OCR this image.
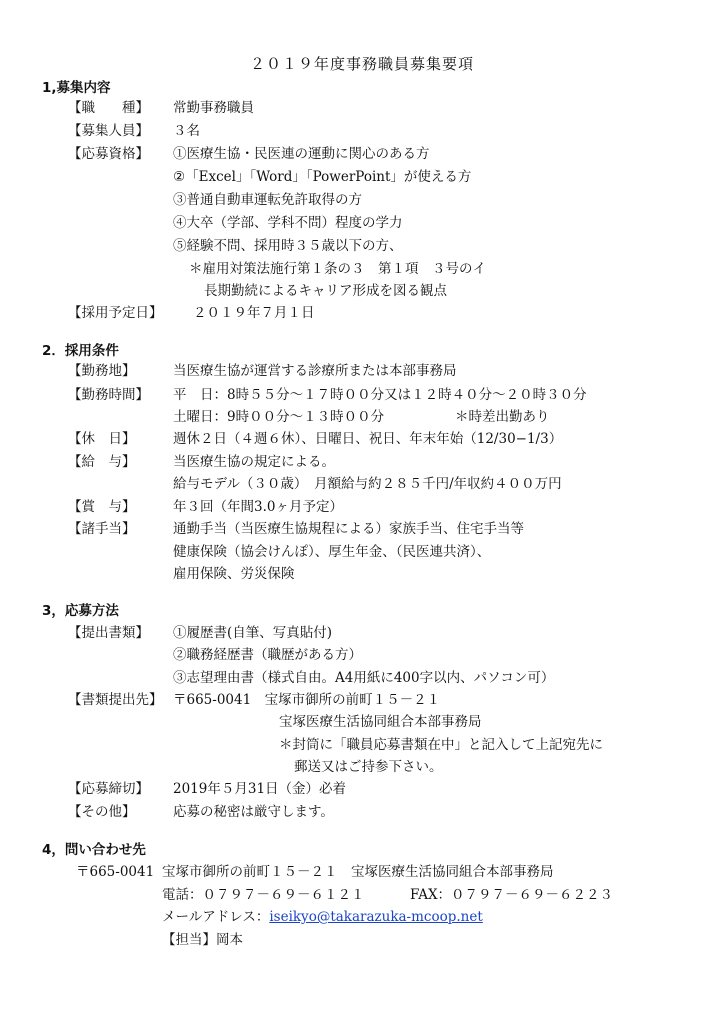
２０１９年度事務職員募集要項
1,募集内容
【職　　種】 常勤事務職員
【募集人員】 ３名
【応募資格】 ①医療生協・民医連の運動に関心のある方
②「Excel」「Word」「PowerPoint」が使える方
③普通自動車運転免許取得の方
④大卒（学部、学科不問）程度の学力
⑤経験不問、採用時３５歳以下の方、
＊雇用対策法施行第１条の３　第１項　３号のイ
長期勤続によるキャリア形成を図る観点
【採用予定日】 ２０１９年７月１日
2．採用条件
【勤務地】	当医療生協が運営する診療所または本部事務局
【勤務時間】 平　日：8時５５分～１７時００分又は１２時４０分～２０時３０分
土曜日：9時００分～１３時００分	＊時差出勤あり
【休　日】	週休２日（４週６休）、日曜日、祝日、年末年始（12/30−1/3）
【給　与】	当医療生協の規定による。
給与モデル（３０歳）　月額給与約２８５千円/年収約４００万円
【賞　与】	年３回（年間3.0ヶ月予定）
【諸手当】	通勤手当（当医療生協規程による）家族手当、住宅手当等
健康保険（協会けんぽ）、厚生年金、（民医連共済）、
雇用保険、労災保険
3，応募方法
【提出書類】 ①履歴書(自筆、写真貼付)
②職務経歴書（職歴がある方）
③志望理由書（様式自由。A4用紙に400字以内、パソコン可）
【書類提出先】 〒665-0041　宝塚市御所の前町１５－２１
宝塚医療生活協同組合本部事務局
＊封筒に「職員応募書類在中」と記入して上記宛先に
郵送又はご持参下さい。
【応募締切】 2019年５月31日（金）必着
【その他】	応募の秘密は厳守します。
4，問い合わせ先
〒665-0041 宝塚市御所の前町１５－２１　宝塚医療生活協同組合本部事務局
電話：０７９７－６９－６１２１	FAX：０７９７－６９－６２２３
メールアドレス：iseikyo@takarazuka-mcoop.net
【担当】岡本
